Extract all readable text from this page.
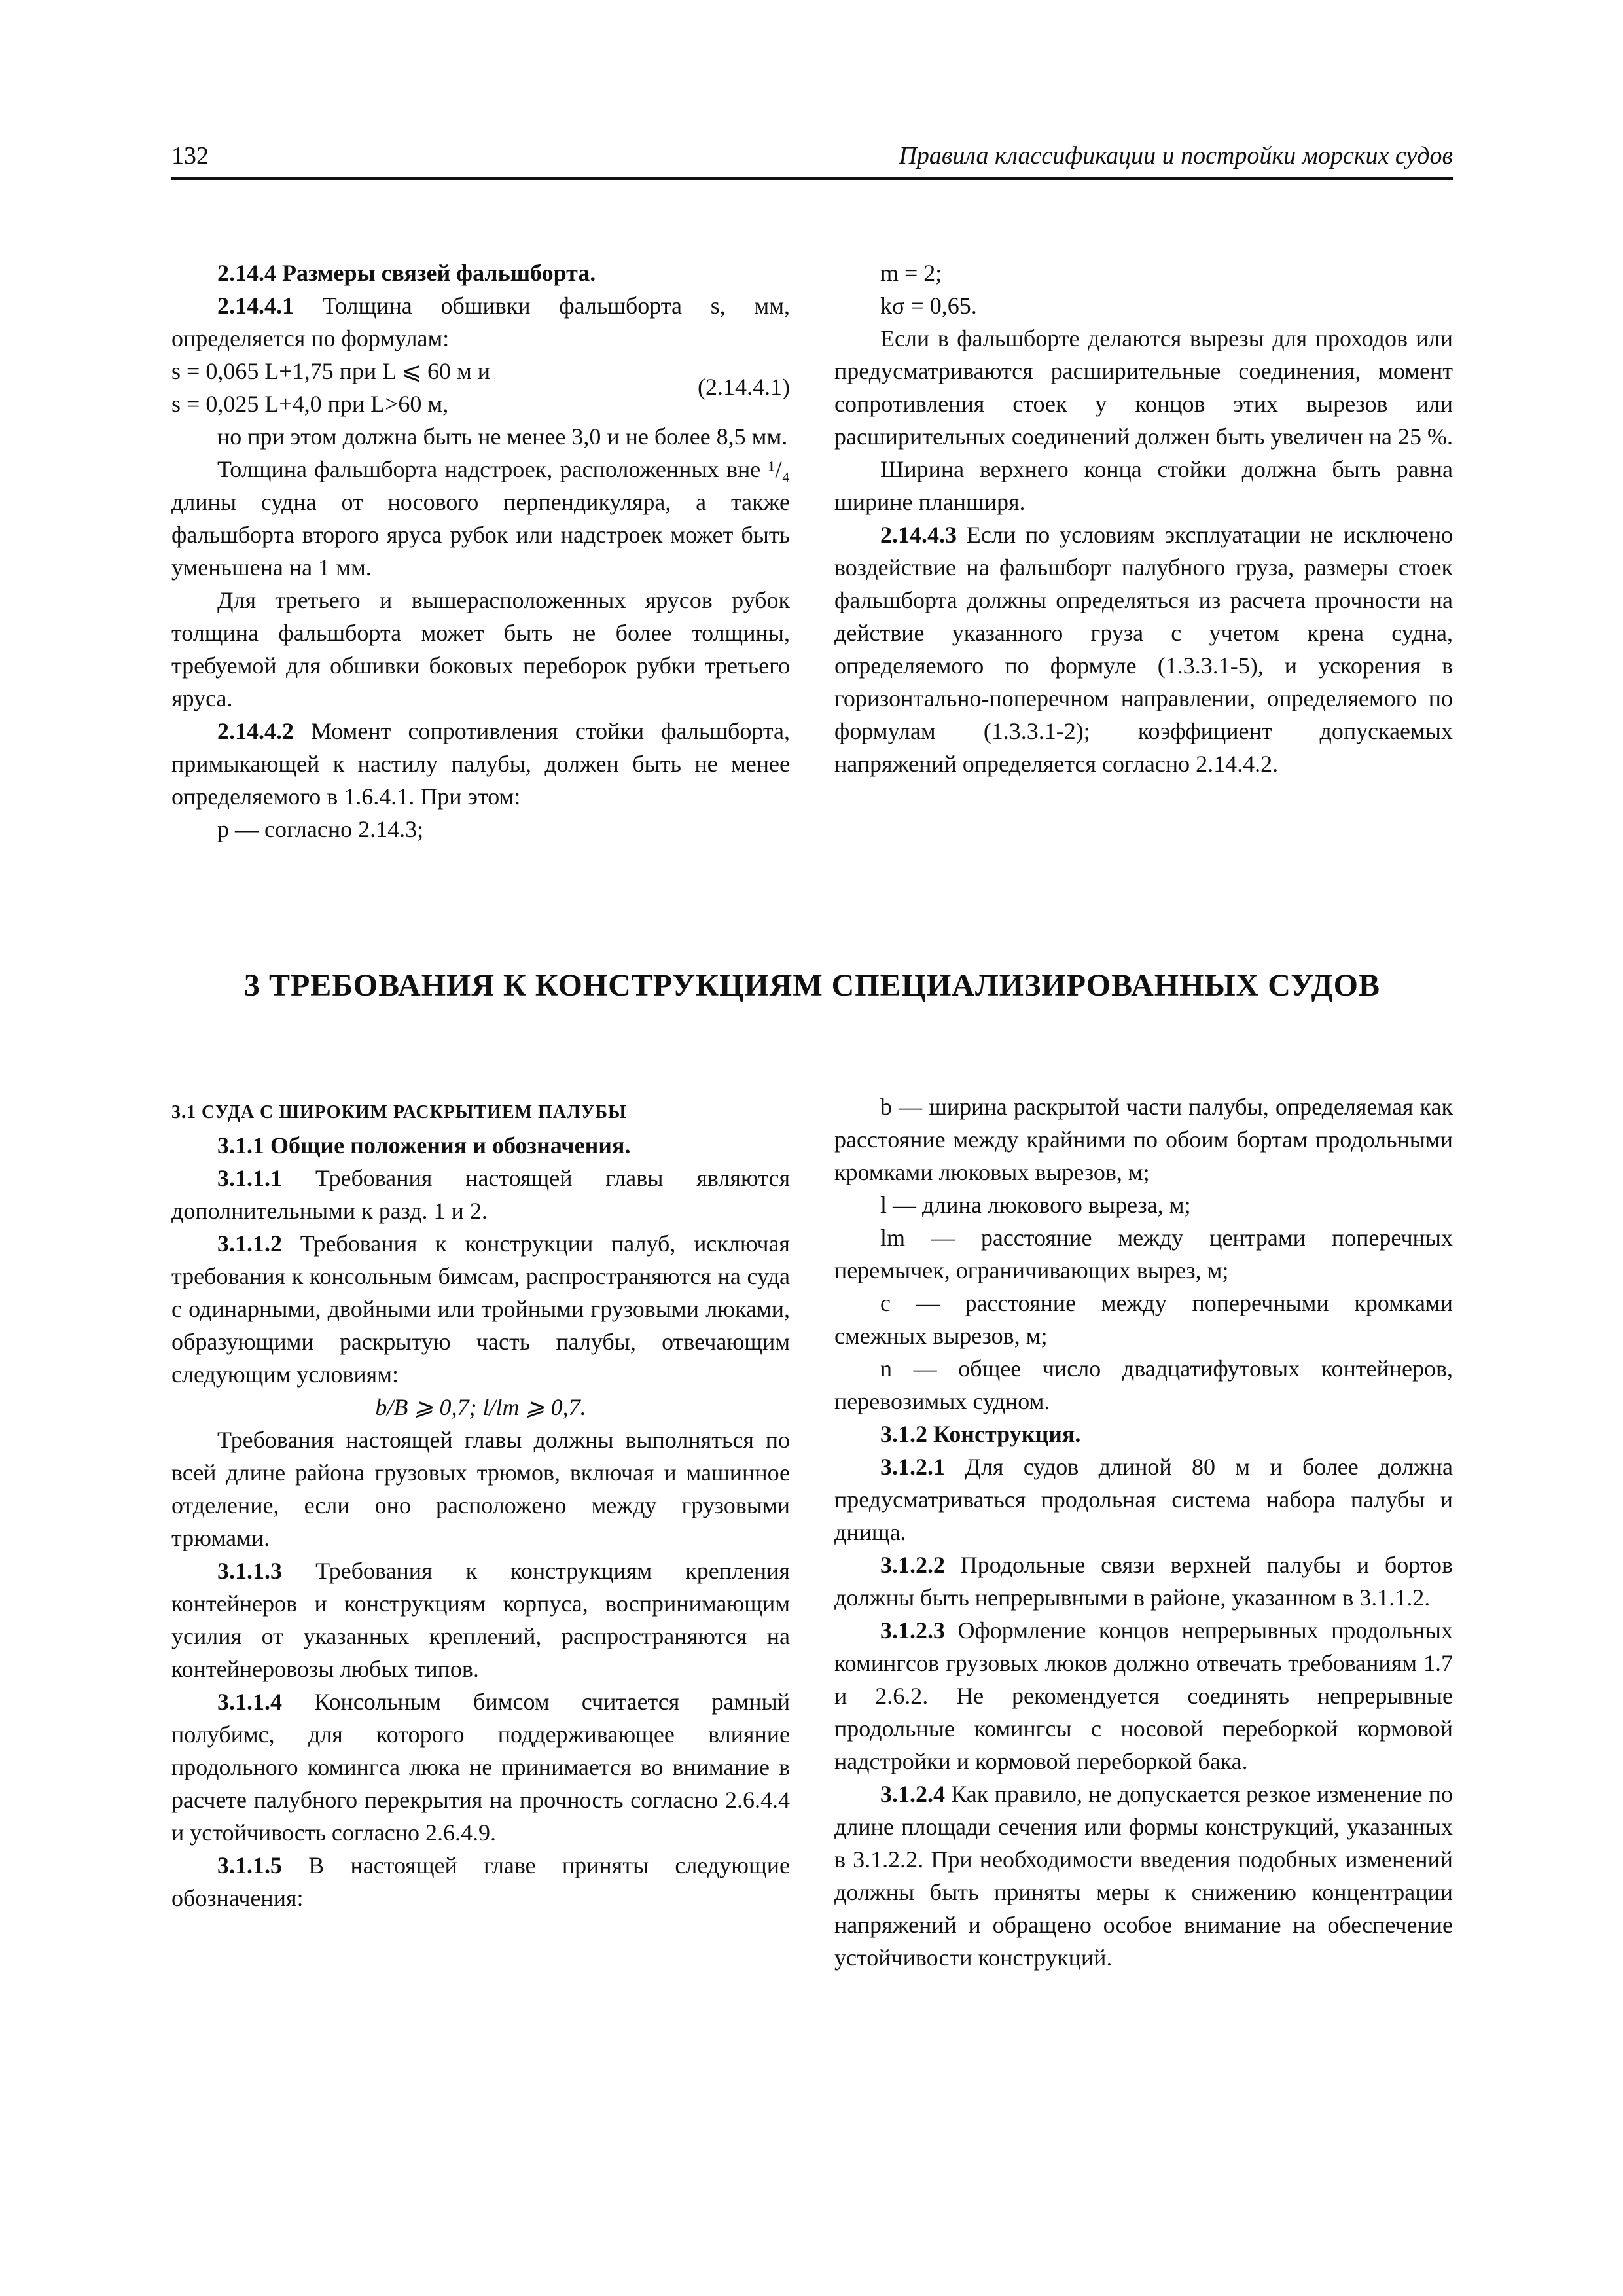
132	Правила классификации и постройки морских судов

2.14.4 Размеры связей фальшборта.

2.14.4.1 Толщина обшивки фальшборта s, мм, определяется по формулам:

s = 0,065 L+1,75 при L ⩽ 60 м и
(2.14.4.1)
s = 0,025 L+4,0 при L>60 м,

но при этом должна быть не менее 3,0 и не более 8,5 мм.

Толщина фальшборта надстроек, расположенных вне ¹/₄ длины судна от носового перпендикуляра, а также фальшборта второго яруса рубок или надстроек может быть уменьшена на 1 мм.

Для третьего и вышерасположенных ярусов рубок толщина фальшборта может быть не более толщины, требуемой для обшивки боковых переборок рубки третьего яруса.

2.14.4.2 Момент сопротивления стойки фальшборта, примыкающей к настилу палубы, должен быть не менее определяемого в 1.6.4.1. При этом:

p — согласно 2.14.3;

m = 2;

kσ = 0,65.

Если в фальшборте делаются вырезы для проходов или предусматриваются расширительные соединения, момент сопротивления стоек у концов этих вырезов или расширительных соединений должен быть увеличен на 25 %.

Ширина верхнего конца стойки должна быть равна ширине планширя.

2.14.4.3 Если по условиям эксплуатации не исключено воздействие на фальшборт палубного груза, размеры стоек фальшборта должны определяться из расчета прочности на действие указанного груза с учетом крена судна, определяемого по формуле (1.3.3.1-5), и ускорения в горизонтально-поперечном направлении, определяемого по формулам (1.3.3.1-2); коэффициент допускаемых напряжений определяется согласно 2.14.4.2.

3 ТРЕБОВАНИЯ К КОНСТРУКЦИЯМ СПЕЦИАЛИЗИРОВАННЫХ СУДОВ

3.1 СУДА С ШИРОКИМ РАСКРЫТИЕМ ПАЛУБЫ

3.1.1 Общие положения и обозначения.

3.1.1.1 Требования настоящей главы являются дополнительными к разд. 1 и 2.

3.1.1.2 Требования к конструкции палуб, исключая требования к консольным бимсам, распространяются на суда с одинарными, двойными или тройными грузовыми люками, образующими раскрытую часть палубы, отвечающим следующим условиям:

b/B ⩾ 0,7; l/lm ⩾ 0,7.

Требования настоящей главы должны выполняться по всей длине района грузовых трюмов, включая и машинное отделение, если оно расположено между грузовыми трюмами.

3.1.1.3 Требования к конструкциям крепления контейнеров и конструкциям корпуса, воспринимающим усилия от указанных креплений, распространяются на контейнеровозы любых типов.

3.1.1.4 Консольным бимсом считается рамный полубимс, для которого поддерживающее влияние продольного комингса люка не принимается во внимание в расчете палубного перекрытия на прочность согласно 2.6.4.4 и устойчивость согласно 2.6.4.9.

3.1.1.5 В настоящей главе приняты следующие обозначения:

b — ширина раскрытой части палубы, определяемая как расстояние между крайними по обоим бортам продольными кромками люковых вырезов, м;

l — длина люкового выреза, м;

lm — расстояние между центрами поперечных перемычек, ограничивающих вырез, м;

c — расстояние между поперечными кромками смежных вырезов, м;

n — общее число двадцатифутовых контейнеров, перевозимых судном.

3.1.2 Конструкция.

3.1.2.1 Для судов длиной 80 м и более должна предусматриваться продольная система набора палубы и днища.

3.1.2.2 Продольные связи верхней палубы и бортов должны быть непрерывными в районе, указанном в 3.1.1.2.

3.1.2.3 Оформление концов непрерывных продольных комингсов грузовых люков должно отвечать требованиям 1.7 и 2.6.2. Не рекомендуется соединять непрерывные продольные комингсы с носовой переборкой кормовой надстройки и кормовой переборкой бака.

3.1.2.4 Как правило, не допускается резкое изменение по длине площади сечения или формы конструкций, указанных в 3.1.2.2. При необходимости введения подобных изменений должны быть приняты меры к снижению концентрации напряжений и обращено особое внимание на обеспечение устойчивости конструкций.
